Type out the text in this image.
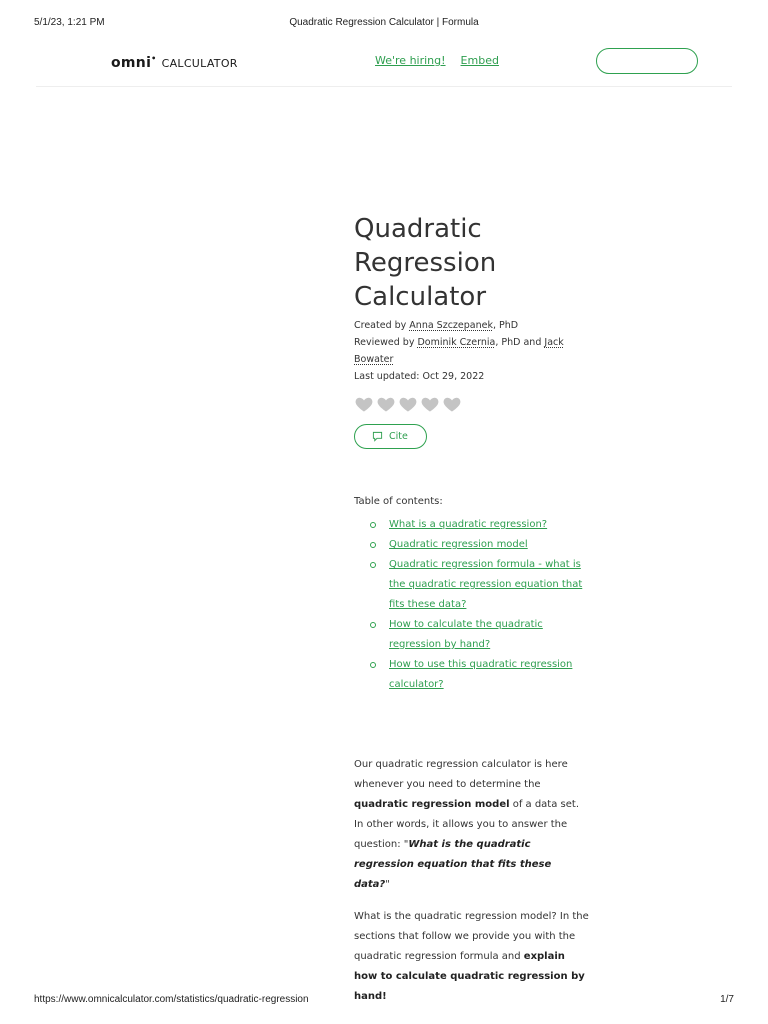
5/1/23, 1:21 PM	Quadratic Regression Calculator | Formula
omni• CALCULATOR	We're hiring! Embed
Quadratic Regression Calculator
Created by Anna Szczepanek, PhD
Reviewed by Dominik Czernia, PhD and Jack Bowater
Last updated: Oct 29, 2022
Cite
Table of contents:
What is a quadratic regression?
Quadratic regression model
Quadratic regression formula - what is the quadratic regression equation that fits these data?
How to calculate the quadratic regression by hand?
How to use this quadratic regression calculator?

Our quadratic regression calculator is here whenever you need to determine the quadratic regression model of a data set. In other words, it allows you to answer the question: "What is the quadratic regression equation that fits these data?"

What is the quadratic regression model? In the sections that follow we provide you with the quadratic regression formula and explain how to calculate quadratic regression by hand!

https://www.omnicalculator.com/statistics/quadratic-regression	1/7
